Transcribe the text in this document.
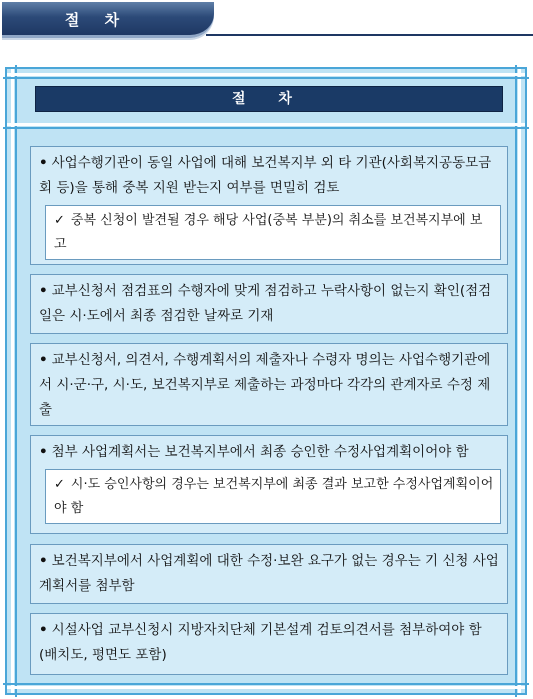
절 차
절 차
• 사업수행기관이 동일 사업에 대해 보건복지부 외 타 기관(사회복지공동모금회 등)을 통해 중복 지원 받는지 여부를 면밀히 검토
✓ 중복 신청이 발견될 경우 해당 사업(중복 부분)의 취소를 보건복지부에 보고
• 교부신청서 점검표의 수행자에 맞게 점검하고 누락사항이 없는지 확인(점검일은 시·도에서 최종 점검한 날짜로 기재
• 교부신청서, 의견서, 수행계획서의 제출자나 수령자 명의는 사업수행기관에서 시·군·구, 시·도, 보건복지부로 제출하는 과정마다 각각의 관계자로 수정 제출
• 첨부 사업계획서는 보건복지부에서 최종 승인한 수정사업계획이어야 함
✓ 시·도 승인사항의 경우는 보건복지부에 최종 결과 보고한 수정사업계획이어야 함
• 보건복지부에서 사업계획에 대한 수정·보완 요구가 없는 경우는 기 신청 사업계획서를 첨부함
• 시설사업 교부신청시 지방자치단체 기본설계 검토의견서를 첨부하여야 함(배치도, 평면도 포함)
